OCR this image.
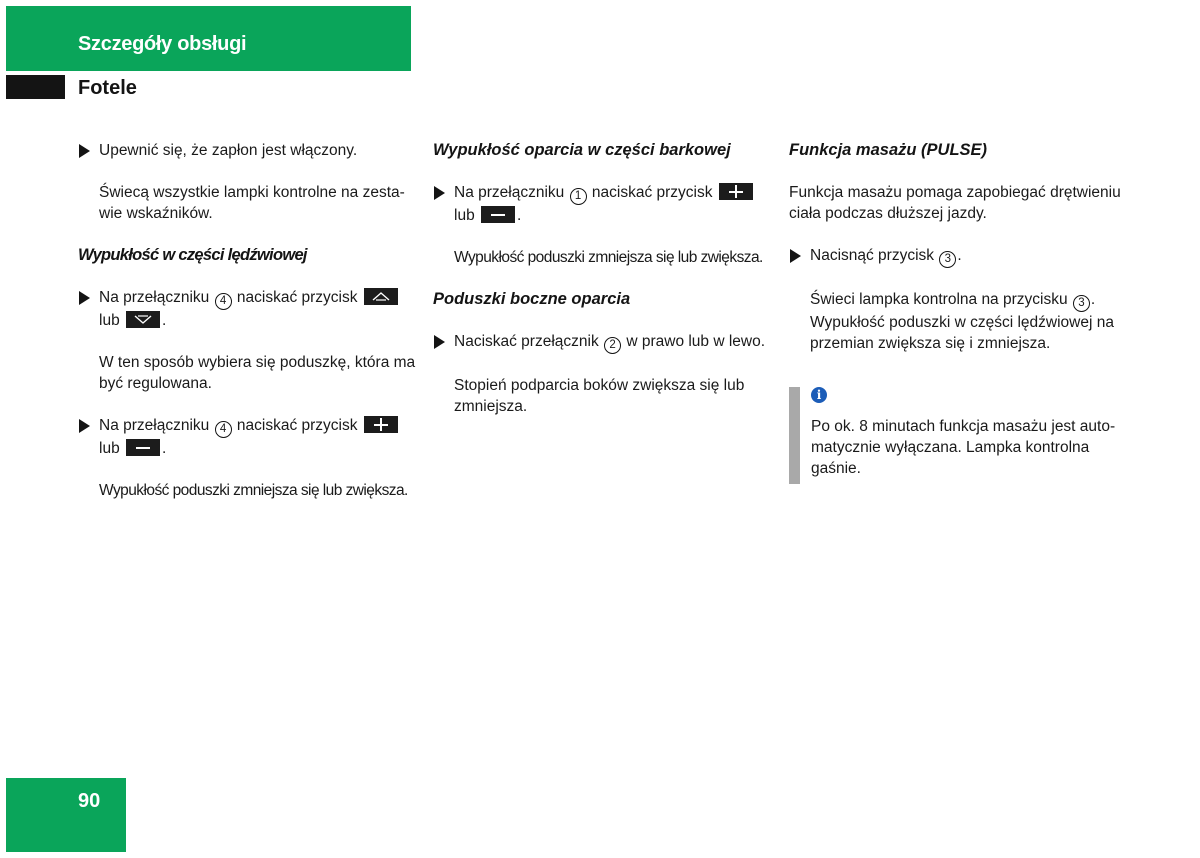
Szczegóły obsługi
Fotele
Upewnić się, że zapłon jest włączony.
Świecą wszystkie lampki kontrolne na zesta-wie wskaźników.
Wypukłość w części lędźwiowej
Na przełączniku 4 naciskać przycisk

lub	.
W ten sposób wybiera się poduszkę, która ma być regulowana.
Na przełączniku 4 naciskać przycisk
lub	.
Wypukłość poduszki zmniejsza się lub zwiększa.
Wypukłość oparcia w części barkowej
Na przełączniku 1 naciskać przycisk
lub	.
Wypukłość poduszki zmniejsza się lub zwiększa.
Poduszki boczne oparcia
Naciskać przełącznik 2 w prawo lub w lewo.
Stopień podparcia boków zwiększa się lub zmniejsza.
Funkcja masażu (PULSE)
Funkcja masażu pomaga zapobiegać drętwieniu ciała podczas dłuższej jazdy.
Nacisnąć przycisk 3 .
Świeci lampka kontrolna na przycisku 3 . Wypukłość poduszki w części lędźwiowej na przemian zwiększa się i zmniejsza.
i
Po ok. 8 minutach funkcja masażu jest auto-matycznie wyłączana. Lampka kontrolna gaśnie.
90
